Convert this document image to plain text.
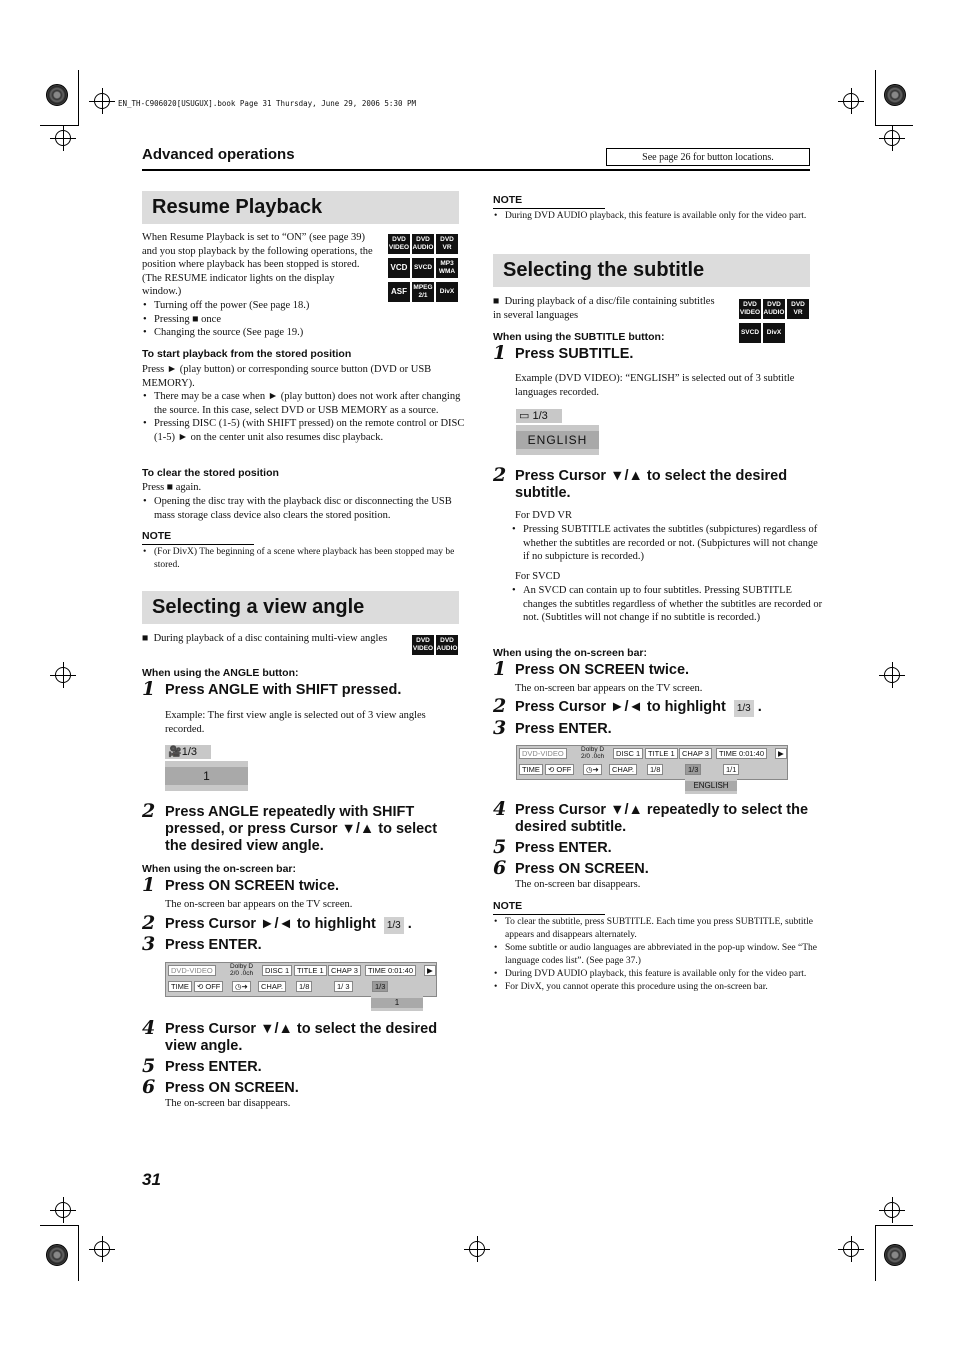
EN_TH-C906020[USUGUX].book Page 31 Thursday, June 29, 2006 5:30 PM
Advanced operations	See page 26 for button locations.
Resume Playback
When Resume Playback is set to “ON” (see page 39) and you stop playback by the following operations, the position where playback has been stopped is stored. (The RESUME indicator lights on the display window.)
DVD VIDEO
DVD AUDIO
DVD VR
VCD	SVCD
MP3 WMA
ASF MPEG 2/1
DivX
• Turning off the power (See page 18.)
• Pressing ■ once
• Changing the source (See page 19.)
To start playback from the stored position
Press ► (play button) or corresponding source button (DVD or USB MEMORY).
• There may be a case when ► (play button) does not work after changing the source. In this case, select DVD or USB MEMORY as a source.
• Pressing DISC (1-5) (with SHIFT pressed) on the remote control or DISC (1-5) ► on the center unit also resumes disc playback.
To clear the stored position
Press ■ again.
• Opening the disc tray with the playback disc or disconnecting the USB mass storage class device also clears the stored position.
NOTE
• (For DivX) The beginning of a scene where playback has been stopped may be stored.
Selecting a view angle
■  During playback of a disc containing multi-view angles	DVD VIDEO
DVD AUDIO
When using the ANGLE button:
1 Press ANGLE with SHIFT pressed.
Example: The first view angle is selected out of 3 view angles recorded.
🎥1/3
1
2 Press ANGLE repeatedly with SHIFT pressed, or press Cursor ▼/▲ to select the desired view angle.
When using the on-screen bar:
1 Press ON SCREEN twice.
The on-screen bar appears on the TV screen.
2 Press Cursor ►/◄ to highlight 1/3 .
3 Press ENTER.
DVD-VIDEO	Dolby D 2/0 .0ch	DISC 1	TITLE 1 CHAP 3	TIME 0:01:40	▶
TIME	⟲ OFF	◷➜	CHAP.	1/8	1/ 3	1/3
1
4 Press Cursor ▼/▲ to select the desired view angle.
5 Press ENTER.
6 Press ON SCREEN.
The on-screen bar disappears.
31
NOTE
• During DVD AUDIO playback, this feature is available only for the video part.
Selecting the subtitle
■  During playback of a disc/file containing subtitles in several languages
DVD VIDEO
DVD AUDIO
DVD VR
SVCD	DivX
When using the SUBTITLE button:
1 Press SUBTITLE.
Example (DVD VIDEO): “ENGLISH” is selected out of 3 subtitle languages recorded.
▭ 1/3
ENGLISH
2 Press Cursor ▼/▲ to select the desired subtitle.
For DVD VR
• Pressing SUBTITLE activates the subtitles (subpictures) regardless of whether the subtitles are recorded or not. (Subpictures will not change if no subpicture is recorded.)
For SVCD
• An SVCD can contain up to four subtitles. Pressing SUBTITLE changes the subtitles regardless of whether the subtitles are recorded or not. (Subtitles will not change if no subtitle is recorded.)
When using the on-screen bar:
1 Press ON SCREEN twice.
The on-screen bar appears on the TV screen.
2 Press Cursor ►/◄ to highlight 1/3 .
3 Press ENTER.
DVD-VIDEO	Dolby D 2/0 .0ch	DISC 1	TITLE 1 CHAP 3	TIME 0:01:40	▶
TIME	⟲ OFF	◷➜	CHAP.	1/8	1/3	1/1
ENGLISH
4 Press Cursor ▼/▲ repeatedly to select the desired subtitle.
5 Press ENTER.
6 Press ON SCREEN.
The on-screen bar disappears.
NOTE
• To clear the subtitle, press SUBTITLE. Each time you press SUBTITLE, subtitle appears and disappears alternately.
• Some subtitle or audio languages are abbreviated in the pop-up window. See “The language codes list”. (See page 37.)
• During DVD AUDIO playback, this feature is available only for the video part.
• For DivX, you cannot operate this procedure using the on-screen bar.
